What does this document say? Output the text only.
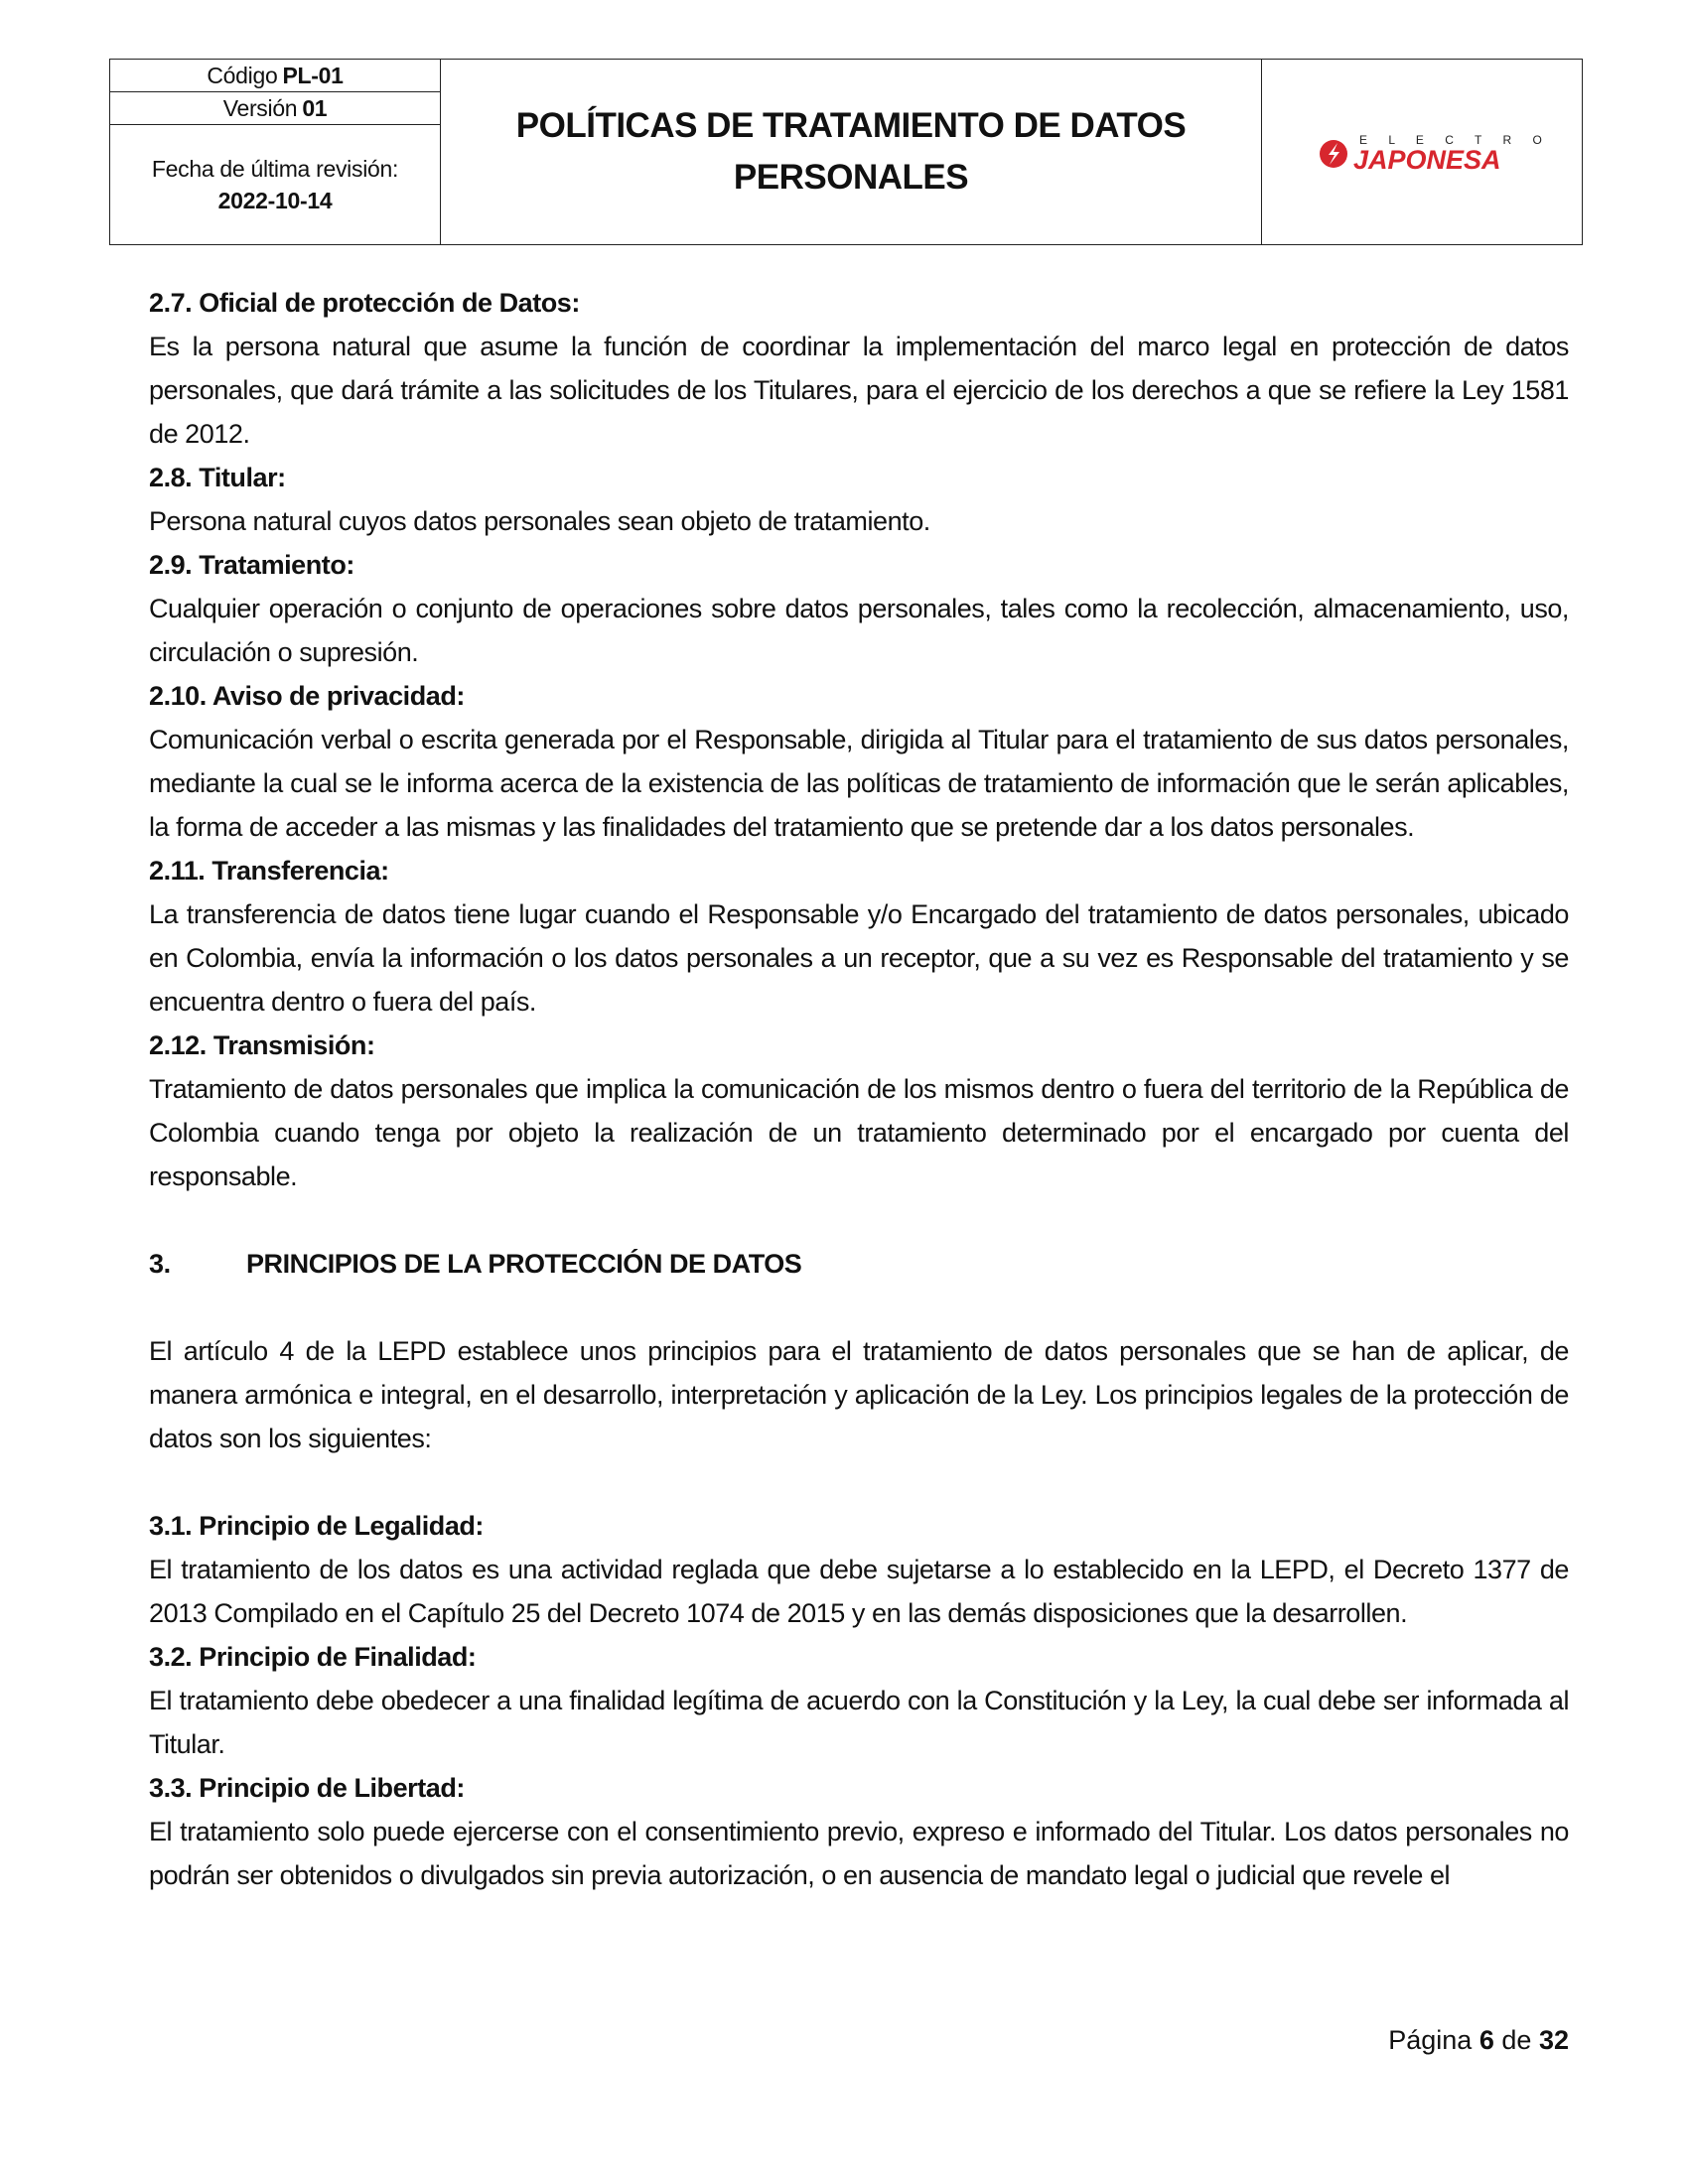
Código PL-01
Versión 01
Fecha de última revisión:
2022-10-14
POLÍTICAS DE TRATAMIENTO DE DATOS PERSONALES
E L E C T R O
JAPONESA

2.7. Oficial de protección de Datos:

Es la persona natural que asume la función de coordinar la implementación del marco legal en protección de datos personales, que dará trámite a las solicitudes de los Titulares, para el ejercicio de los derechos a que se refiere la Ley 1581 de 2012.

2.8. Titular:

Persona natural cuyos datos personales sean objeto de tratamiento.

2.9. Tratamiento:

Cualquier operación o conjunto de operaciones sobre datos personales, tales como la recolección, almacenamiento, uso, circulación o supresión.

2.10. Aviso de privacidad:

Comunicación verbal o escrita generada por el Responsable, dirigida al Titular para el tratamiento de sus datos personales, mediante la cual se le informa acerca de la existencia de las políticas de tratamiento de información que le serán aplicables, la forma de acceder a las mismas y las finalidades del tratamiento que se pretende dar a los datos personales.

2.11. Transferencia:

La transferencia de datos tiene lugar cuando el Responsable y/o Encargado del tratamiento de datos personales, ubicado en Colombia, envía la información o los datos personales a un receptor, que a su vez es Responsable del tratamiento y se encuentra dentro o fuera del país.

2.12. Transmisión:

Tratamiento de datos personales que implica la comunicación de los mismos dentro o fuera del territorio de la República de Colombia cuando tenga por objeto la realización de un tratamiento determinado por el encargado por cuenta del responsable.

3.	PRINCIPIOS DE LA PROTECCIÓN DE DATOS

El artículo 4 de la LEPD establece unos principios para el tratamiento de datos personales que se han de aplicar, de manera armónica e integral, en el desarrollo, interpretación y aplicación de la Ley. Los principios legales de la protección de datos son los siguientes:

3.1. Principio de Legalidad:

El tratamiento de los datos es una actividad reglada que debe sujetarse a lo establecido en la LEPD, el Decreto 1377 de 2013 Compilado en el Capítulo 25 del Decreto 1074 de 2015 y en las demás disposiciones que la desarrollen.

3.2. Principio de Finalidad:

El tratamiento debe obedecer a una finalidad legítima de acuerdo con la Constitución y la Ley, la cual debe ser informada al Titular.

3.3. Principio de Libertad:

El tratamiento solo puede ejercerse con el consentimiento previo, expreso e informado del Titular. Los datos personales no podrán ser obtenidos o divulgados sin previa autorización, o en ausencia de mandato legal o judicial que revele el

Página 6 de 32
